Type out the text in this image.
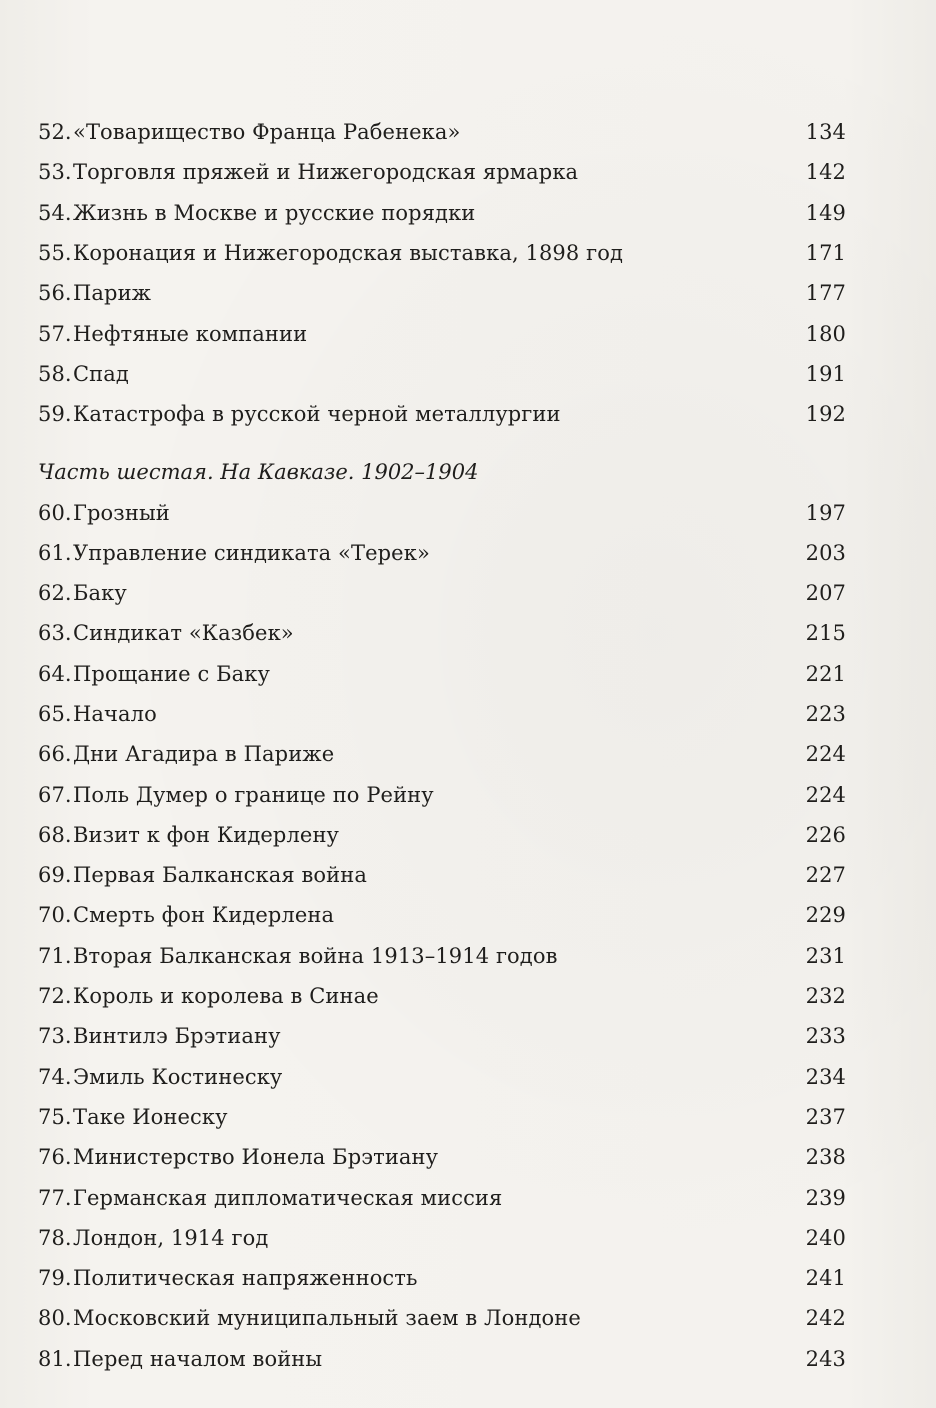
52. «Товарищество Франца Рабенека»	134
53. Торговля пряжей и Нижегородская ярмарка	142
54. Жизнь в Москве и русские порядки	149
55. Коронация и Нижегородская выставка, 1898 год	171
56. Париж	177
57. Нефтяные компании	180
58. Спад	191
59. Катастрофа в русской черной металлургии	192
Часть шестая. На Кавказе. 1902–1904
60. Грозный	197
61. Управление синдиката «Терек»	203
62. Баку	207
63. Синдикат «Казбек»	215
64. Прощание с Баку	221
65. Начало	223
66. Дни Агадира в Париже	224
67. Поль Думер о границе по Рейну	224
68. Визит к фон Кидерлену	226
69. Первая Балканская война	227
70. Смерть фон Кидерлена	229
71. Вторая Балканская война 1913–1914 годов	231
72. Король и королева в Синае	232
73. Винтилэ Брэтиану	233
74. Эмиль Костинеску	234
75. Таке Ионеску	237
76. Министерство Ионела Брэтиану	238
77. Германская дипломатическая миссия	239
78. Лондон, 1914 год	240
79. Политическая напряженность	241
80. Московский муниципальный заем в Лондоне	242
81. Перед началом войны	243
